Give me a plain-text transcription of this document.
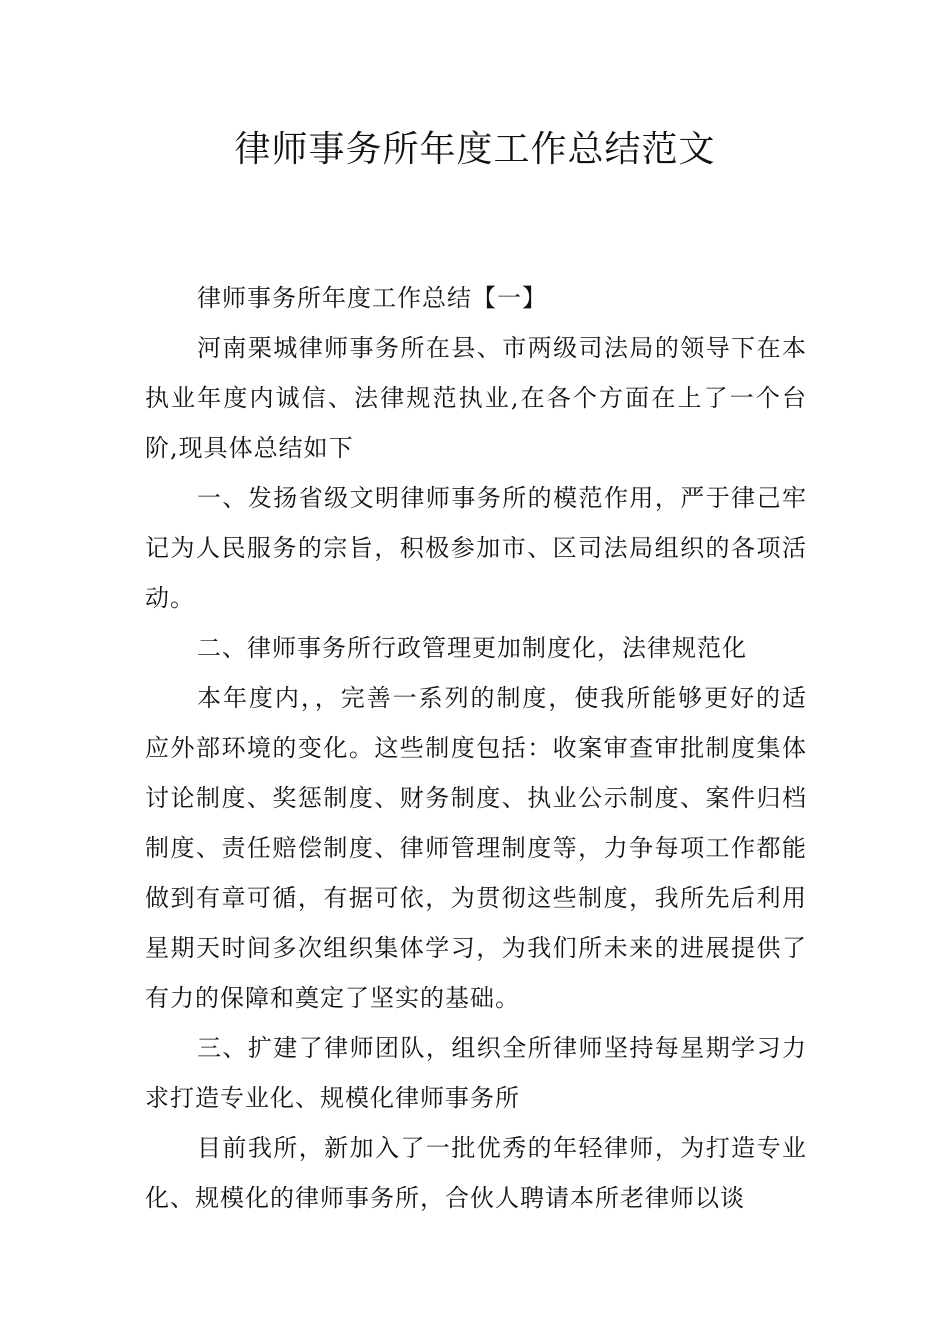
律师事务所年度工作总结范文

律师事务所年度工作总结【一】

河南栗城律师事务所在县、市两级司法局的领导下在本执业年度内诚信、法律规范执业,在各个方面在上了一个台阶,现具体总结如下

一、发扬省级文明律师事务所的模范作用，严于律己牢记为人民服务的宗旨，积极参加市、区司法局组织的各项活动。

二、律师事务所行政管理更加制度化，法律规范化

本年度内，，完善一系列的制度，使我所能够更好的适应外部环境的变化。这些制度包括：收案审查审批制度集体讨论制度、奖惩制度、财务制度、执业公示制度、案件归档制度、责任赔偿制度、律师管理制度等，力争每项工作都能做到有章可循，有据可依，为贯彻这些制度，我所先后利用星期天时间多次组织集体学习，为我们所未来的进展提供了有力的保障和奠定了坚实的基础。

三、扩建了律师团队，组织全所律师坚持每星期学习力求打造专业化、规模化律师事务所

目前我所，新加入了一批优秀的年轻律师，为打造专业化、规模化的律师事务所，合伙人聘请本所老律师以谈
